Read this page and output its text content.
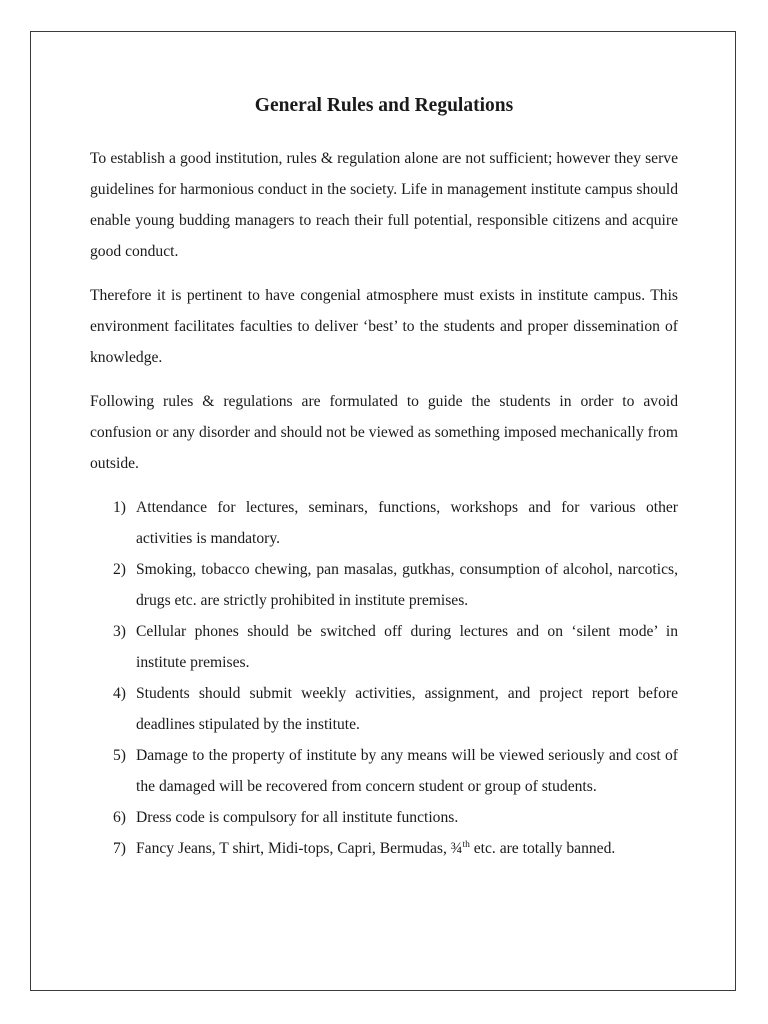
General Rules and Regulations

To establish a good institution, rules & regulation alone are not sufficient; however they serve guidelines for harmonious conduct in the society. Life in management institute campus should enable young budding managers to reach their full potential, responsible citizens and acquire good conduct.

Therefore it is pertinent to have congenial atmosphere must exists in institute campus. This environment facilitates faculties to deliver ‘best’ to the students and proper dissemination of knowledge.

Following rules & regulations are formulated to guide the students in order to avoid confusion or any disorder and should not be viewed as something imposed mechanically from outside.

1) Attendance for lectures, seminars, functions, workshops and for various other activities is mandatory.
2) Smoking, tobacco chewing, pan masalas, gutkhas, consumption of alcohol, narcotics, drugs etc. are strictly prohibited in institute premises.
3) Cellular phones should be switched off during lectures and on ‘silent mode’ in institute premises.
4) Students should submit weekly activities, assignment, and project report before deadlines stipulated by the institute.
5) Damage to the property of institute by any means will be viewed seriously and cost of the damaged will be recovered from concern student or group of students.
6) Dress code is compulsory for all institute functions.
7) Fancy Jeans, T shirt, Midi-tops, Capri, Bermudas, ¾$^{th}$ etc. are totally banned.
